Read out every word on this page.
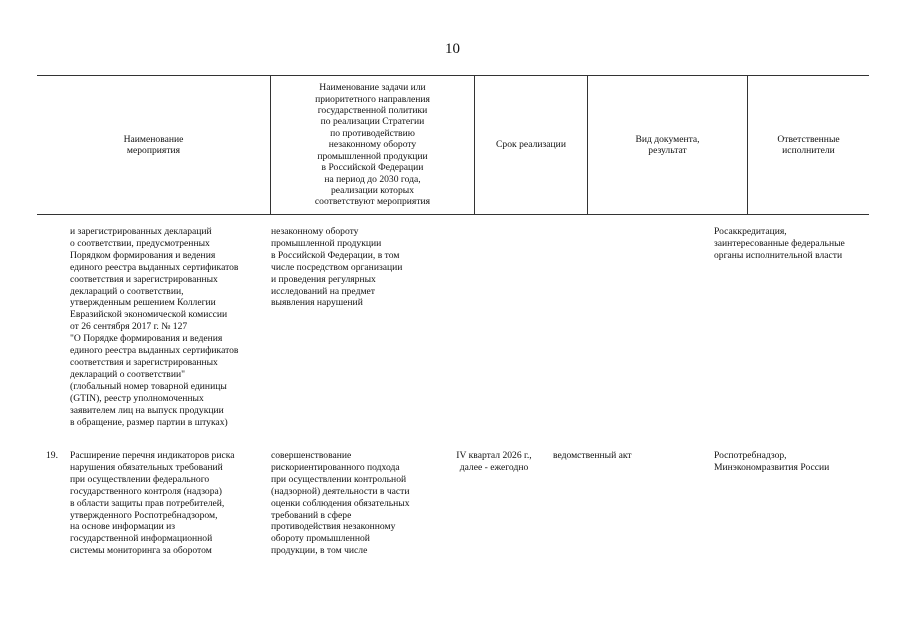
10
Наименование
мероприятия
Наименование задачи или
приоритетного направления
государственной политики
по реализации Стратегии
по противодействию
незаконному обороту
промышленной продукции
в Российской Федерации
на период до 2030 года,
реализации которых
соответствуют мероприятия
Срок реализации
Вид документа,
результат
Ответственные
исполнители
и зарегистрированных деклараций
о соответствии, предусмотренных
Порядком формирования и ведения
единого реестра выданных сертификатов
соответствия и зарегистрированных
деклараций о соответствии,
утвержденным решением Коллегии
Евразийской экономической комиссии
от 26 сентября 2017 г. № 127
"О Порядке формирования и ведения
единого реестра выданных сертификатов
соответствия и зарегистрированных
деклараций о соответствии"
(глобальный номер товарной единицы
(GTIN), реестр уполномоченных
заявителем лиц на выпуск продукции
в обращение, размер партии в штуках)
незаконному обороту
промышленной продукции
в Российской Федерации, в том
числе посредством организации
и проведения регулярных
исследований на предмет
выявления нарушений
Росаккредитация,
заинтересованные федеральные
органы исполнительной власти
19.	Расширение перечня индикаторов риска
нарушения обязательных требований
при осуществлении федерального
государственного контроля (надзора)
в области защиты прав потребителей,
утвержденного Роспотребнадзором,
на основе информации из
государственной информационной
системы мониторинга за оборотом
совершенствование
рискориентированного подхода
при осуществлении контрольной
(надзорной) деятельности в части
оценки соблюдения обязательных
требований в сфере
противодействия незаконному
обороту промышленной
продукции, в том числе
IV квартал 2026 г.,
далее - ежегодно
ведомственный акт	Роспотребнадзор,
Минэкономразвития России
